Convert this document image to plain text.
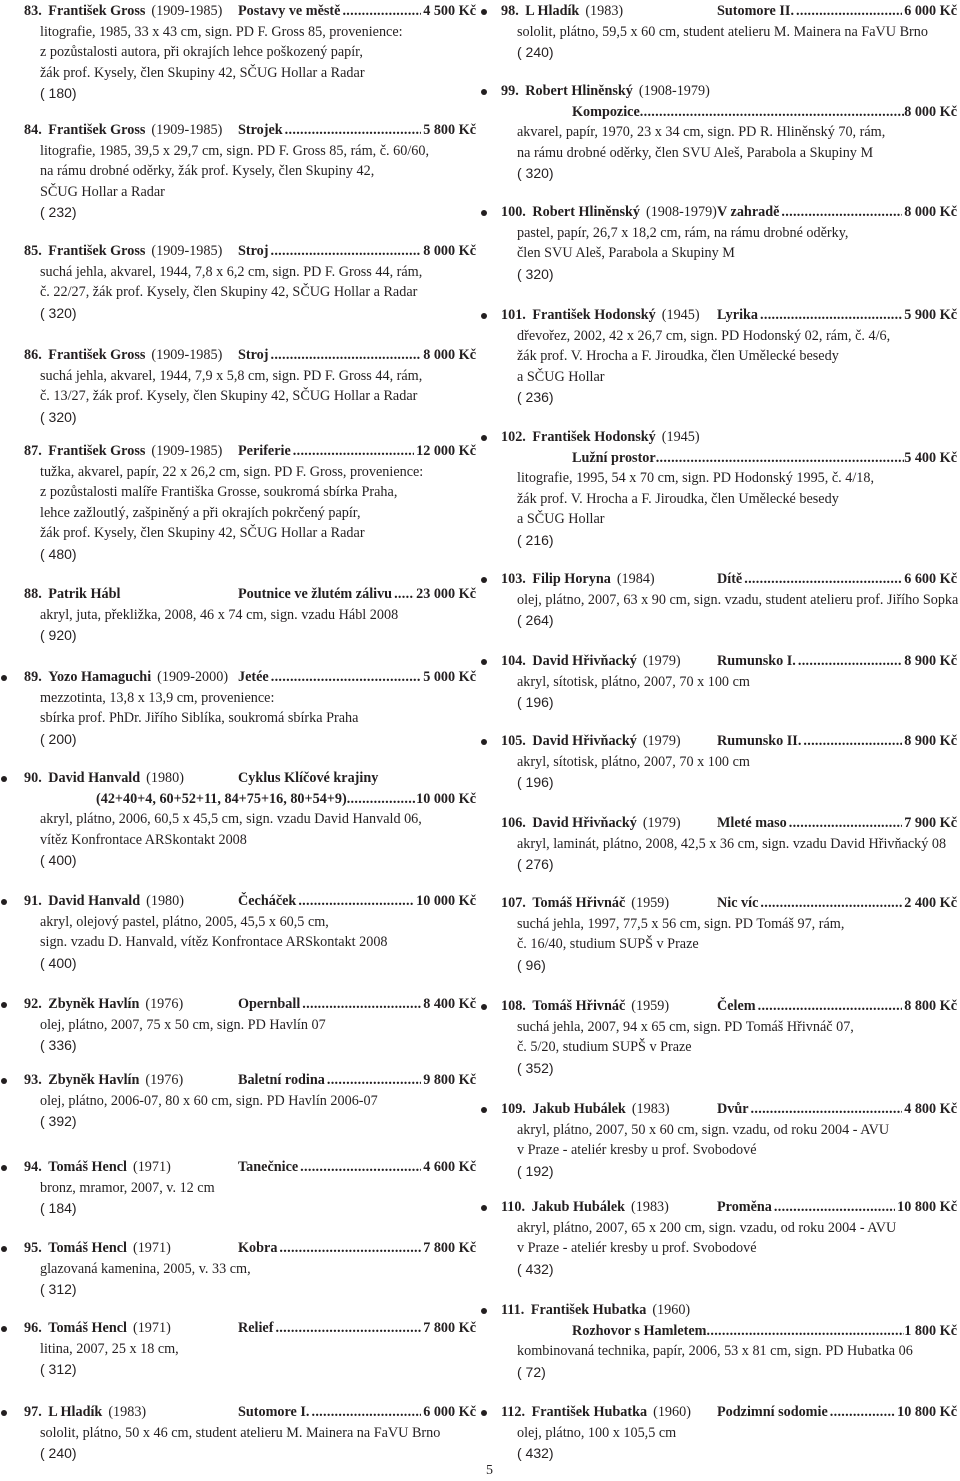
83. František Gross (1909-1985)	Postavy ve městě .....	4 500 Kč
litografie, 1985, 33 x 43 cm, sign. PD F. Gross 85, provenience:
z pozůstalosti autora, při okrajích lehce poškozený papír,
žák prof. Kysely, člen Skupiny 42, SČUG Hollar a Radar
( 180)
84. František Gross (1909-1985)	Strojek .....	5 800 Kč
litografie, 1985, 39,5 x 29,7 cm, sign. PD F. Gross 85, rám, č. 60/60,
na rámu drobné oděrky, žák prof. Kysely, člen Skupiny 42,
SČUG Hollar a Radar
( 232)
85. František Gross (1909-1985)	Stroj .....	8 000 Kč
suchá jehla, akvarel, 1944, 7,8 x 6,2 cm, sign. PD F. Gross 44, rám,
č. 22/27, žák prof. Kysely, člen Skupiny 42, SČUG Hollar a Radar
( 320)
86. František Gross (1909-1985)	Stroj .....	8 000 Kč
suchá jehla, akvarel, 1944, 7,9 x 5,8 cm, sign. PD F. Gross 44, rám,
č. 13/27, žák prof. Kysely, člen Skupiny 42, SČUG Hollar a Radar
( 320)
87. František Gross (1909-1985)	Periferie .....	12 000 Kč
tužka, akvarel, papír, 22 x 26,2 cm, sign. PD F. Gross, provenience:
z pozůstalosti malíře Františka Grosse, soukromá sbírka Praha,
lehce zažloutlý, zašpiněný a při okrajích pokrčený papír,
žák prof. Kysely, člen Skupiny 42, SČUG Hollar a Radar
( 480)
88. Patrik Hábl	Poutnice ve žlutém zálivu ..... 23 000 Kč
akryl, juta, překližka, 2008, 46 x 74 cm, sign. vzadu Hábl 2008
( 920)
89. Yozo Hamaguchi (1909-2000) Jetée .....	5 000 Kč
mezzotinta, 13,8 x 13,9 cm, provenience:
sbírka prof. PhDr. Jiřího Siblíka, soukromá sbírka Praha
( 200)
90. David Hanvald (1980)	Cyklus Klíčové krajiny
(42+40+4, 60+52+11, 84+75+16, 80+54+9) .....	10 000 Kč
akryl, plátno, 2006, 60,5 x 45,5 cm, sign. vzadu David Hanvald 06,
vítěz Konfrontace ARSkontakt 2008
( 400)
91. David Hanvald (1980)	Čecháček .....	10 000 Kč
akryl, olejový pastel, plátno, 2005, 45,5 x 60,5 cm,
sign. vzadu D. Hanvald, vítěz Konfrontace ARSkontakt 2008
( 400)
92. Zbyněk Havlín (1976)	Opernball .....	8 400 Kč
olej, plátno, 2007, 75 x 50 cm, sign. PD Havlín 07
( 336)
93. Zbyněk Havlín (1976)	Baletní rodina .....	9 800 Kč
olej, plátno, 2006-07, 80 x 60 cm, sign. PD Havlín 2006-07
( 392)
94. Tomáš Hencl (1971)	Tanečnice .....	4 600 Kč
bronz, mramor, 2007, v. 12 cm
( 184)
95. Tomáš Hencl (1971)	Kobra .....	7 800 Kč
glazovaná kamenina, 2005, v. 33 cm,
( 312)
96. Tomáš Hencl (1971)	Relief .....	7 800 Kč
litina, 2007, 25 x 18 cm,
( 312)
97. L Hladík (1983)	Sutomore I. .....	6 000 Kč
sololit, plátno, 50 x 46 cm, student atelieru M. Mainera na FaVU Brno
( 240)
98. L Hladík (1983)	Sutomore II. .....	6 000 Kč
sololit, plátno, 59,5 x 60 cm, student atelieru M. Mainera na FaVU Brno
( 240)
99. Robert Hliněnský (1908-1979)
Kompozice .....	8 000 Kč
akvarel, papír, 1970, 23 x 34 cm, sign. PD R. Hliněnský 70, rám,
na rámu drobné oděrky, člen SVU Aleš, Parabola a Skupiny M
( 320)
100. Robert Hliněnský (1908-1979) V zahradě .....	8 000 Kč
pastel, papír, 26,7 x 18,2 cm, rám, na rámu drobné oděrky,
člen SVU Aleš, Parabola a Skupiny M
( 320)
101. František Hodonský (1945)	Lyrika .....	5 900 Kč
dřevořez, 2002, 42 x 26,7 cm, sign. PD Hodonský 02, rám, č. 4/6,
žák prof. V. Hrocha a F. Jiroudka, člen Umělecké besedy
a SČUG Hollar
( 236)
102. František Hodonský (1945)
Lužní prostor .....	5 400 Kč
litografie, 1995, 54 x 70 cm, sign. PD Hodonský 1995, č. 4/18,
žák prof. V. Hrocha a F. Jiroudka, člen Umělecké besedy
a SČUG Hollar
( 216)
103. Filip Horyna (1984)	Dítě .....	6 600 Kč
olej, plátno, 2007, 63 x 90 cm, sign. vzadu, student atelieru prof. Jiřího Sopka
( 264)
104. David Hřivňacký (1979)	Rumunsko I. .....	8 900 Kč
akryl, sítotisk, plátno, 2007, 70 x 100 cm
( 196)
105. David Hřivňacký (1979)	Rumunsko II. .....	8 900 Kč
akryl, sítotisk, plátno, 2007, 70 x 100 cm
( 196)
106. David Hřivňacký (1979)	Mleté maso .....	7 900 Kč
akryl, laminát, plátno, 2008, 42,5 x 36 cm, sign. vzadu David Hřivňacký 08
( 276)
107. Tomáš Hřivnáč (1959)	Nic víc .....	2 400 Kč
suchá jehla, 1997, 77,5 x 56 cm, sign. PD Tomáš 97, rám,
č. 16/40, studium SUPŠ v Praze
( 96)
108. Tomáš Hřivnáč (1959)	Čelem .....	8 800 Kč
suchá jehla, 2007, 94 x 65 cm, sign. PD Tomáš Hřivnáč 07,
č. 5/20, studium SUPŠ v Praze
( 352)
109. Jakub Hubálek (1983)	Dvůr .....	4 800 Kč
akryl, plátno, 2007, 50 x 60 cm, sign. vzadu, od roku 2004 - AVU
v Praze - ateliér kresby u prof. Svobodové
( 192)
110. Jakub Hubálek (1983)	Proměna .....	10 800 Kč
akryl, plátno, 2007, 65 x 200 cm, sign. vzadu, od roku 2004 - AVU
v Praze - ateliér kresby u prof. Svobodové
( 432)
111. František Hubatka (1960)
Rozhovor s Hamletem .....	1 800 Kč
kombinovaná technika, papír, 2006, 53 x 81 cm, sign. PD Hubatka 06
( 72)
112. František Hubatka (1960)	Podzimní sodomie .....	10 800 Kč
olej, plátno, 100 x 105,5 cm
( 432)
5
